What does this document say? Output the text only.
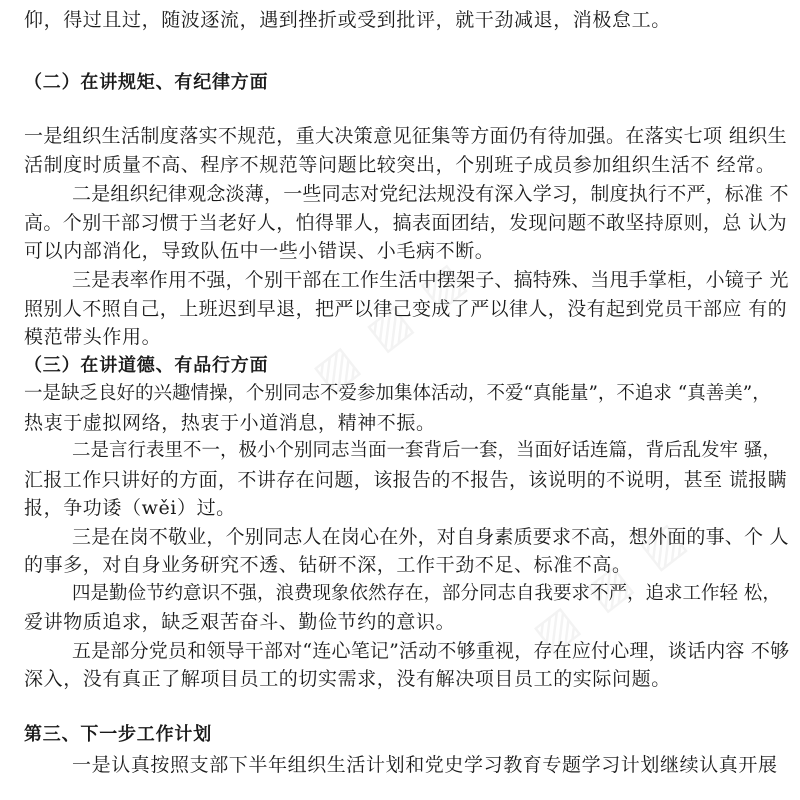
▨ ▨ ▨
▨ ▨ ▨
仰，得过且过，随波逐流，遇到挫折或受到批评，就干劲减退，消极怠工。
（二）在讲规矩、有纪律方面
一是组织生活制度落实不规范，重大决策意见征集等方面仍有待加强。在落实七项 组织生
活制度时质量不高、程序不规范等问题比较突出，个别班子成员参加组织生活不 经常。
二是组织纪律观念淡薄，一些同志对党纪法规没有深入学习，制度执行不严，标准 不
高。个别干部习惯于当老好人，怕得罪人，搞表面团结，发现问题不敢坚持原则，总 认为
可以内部消化，导致队伍中一些小错误、小毛病不断。
三是表率作用不强，个别干部在工作生活中摆架子、搞特殊、当甩手掌柜，小镜子 光
照别人不照自己，上班迟到早退，把严以律己变成了严以律人，没有起到党员干部应 有的
模范带头作用。
（三）在讲道德、有品行方面
一是缺乏良好的兴趣情操，个别同志不爱参加集体活动，不爱“真能量”，不追求 “真善美”，
热衷于虚拟网络，热衷于小道消息，精神不振。
二是言行表里不一，极小个别同志当面一套背后一套，当面好话连篇，背后乱发牢 骚，
汇报工作只讲好的方面，不讲存在问题，该报告的不报告，该说明的不说明，甚至 谎报瞒
报，争功诿（wěi）过。
三是在岗不敬业，个别同志人在岗心在外，对自身素质要求不高，想外面的事、个 人
的事多，对自身业务研究不透、钻研不深，工作干劲不足、标准不高。
四是勤俭节约意识不强，浪费现象依然存在，部分同志自我要求不严，追求工作轻 松，
爱讲物质追求，缺乏艰苦奋斗、勤俭节约的意识。
五是部分党员和领导干部对“连心笔记”活动不够重视，存在应付心理，谈话内容 不够
深入，没有真正了解项目员工的切实需求，没有解决项目员工的实际问题。
第三、下一步工作计划
一是认真按照支部下半年组织生活计划和党史学习教育专题学习计划继续认真开展
